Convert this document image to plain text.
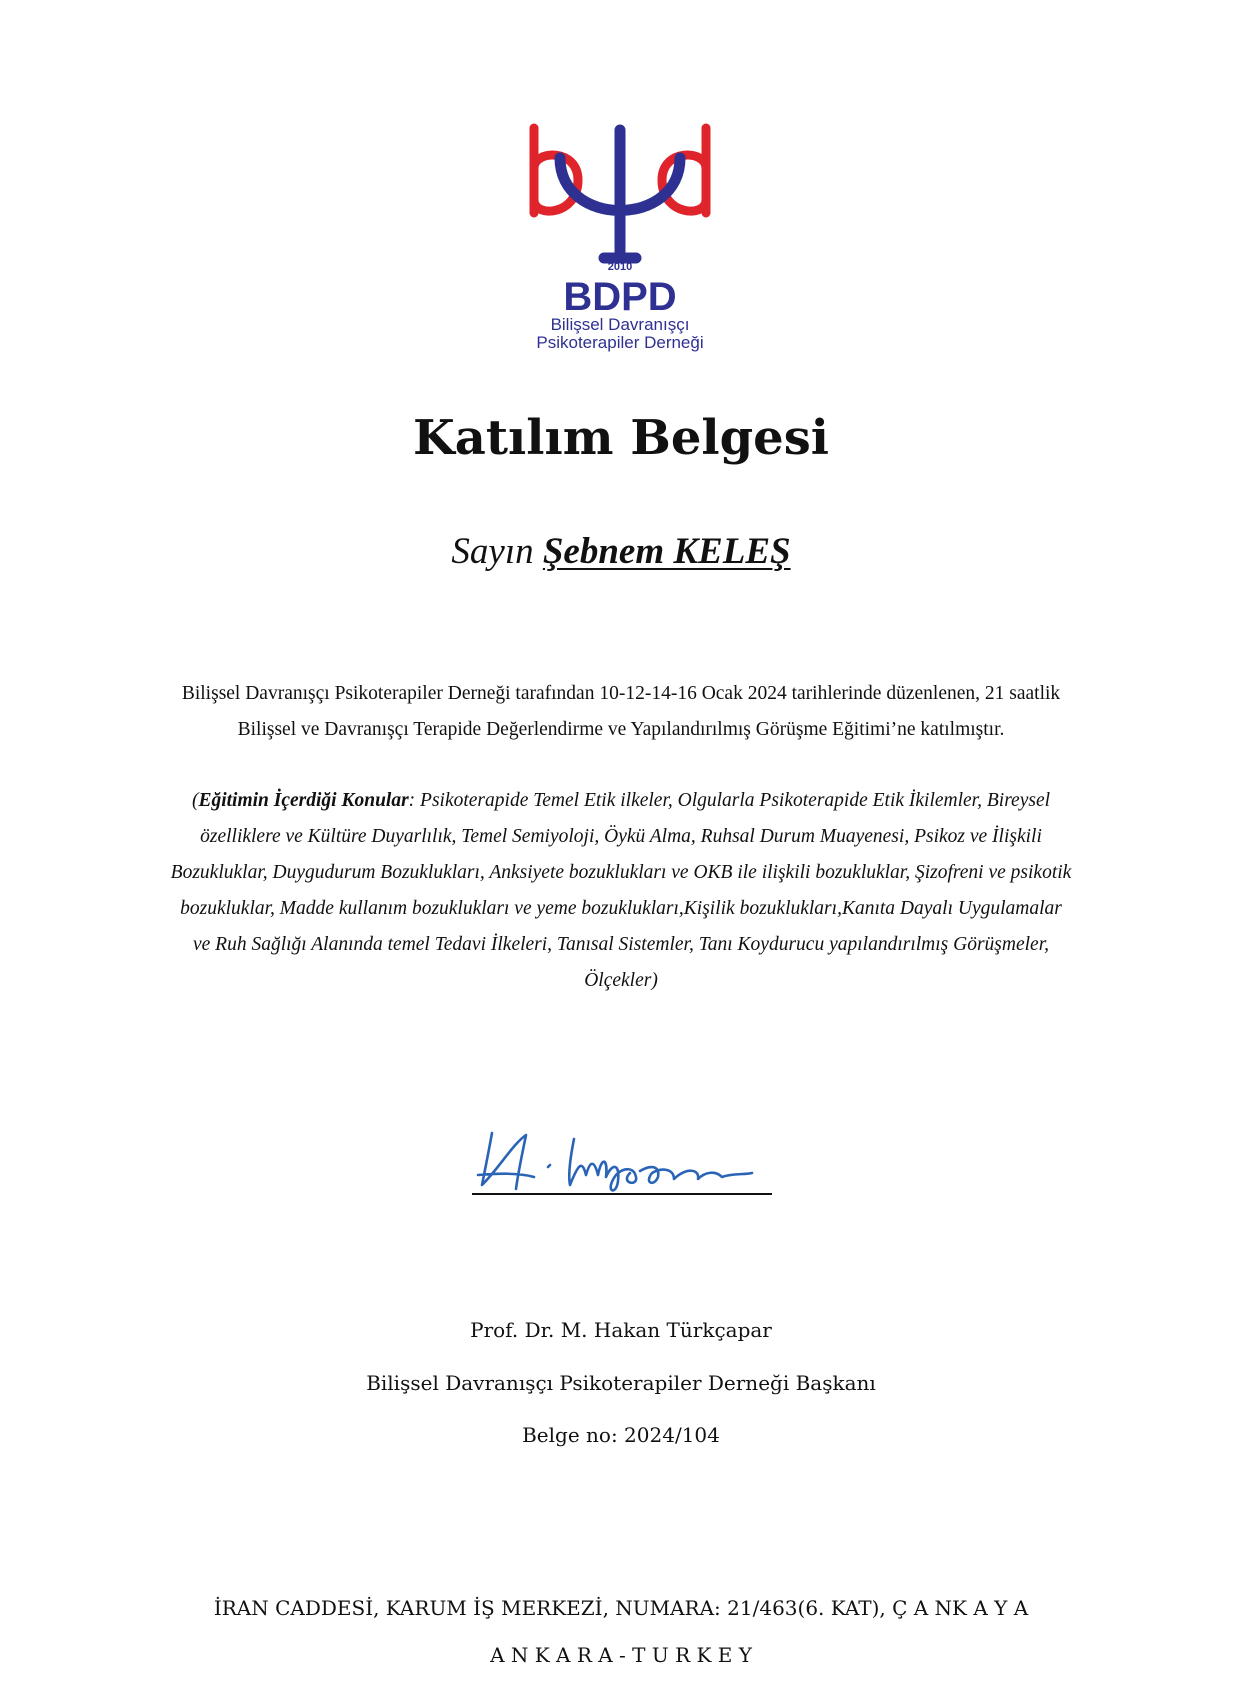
2010
BDPD
Bilişsel Davranışçı
Psikoterapiler Derneği
Katılım Belgesi
Sayın Şebnem KELEŞ

Bilişsel Davranışçı Psikoterapiler Derneği tarafından 10-12-14-16 Ocak 2024 tarihlerinde düzenlenen, 21 saatlik Bilişsel ve Davranışçı Terapide Değerlendirme ve Yapılandırılmış Görüşme Eğitimi’ne katılmıştır.

(Eğitimin İçerdiği Konular: Psikoterapide Temel Etik ilkeler, Olgularla Psikoterapide Etik İkilemler, Bireysel özelliklere ve Kültüre Duyarlılık, Temel Semiyoloji, Öykü Alma, Ruhsal Durum Muayenesi, Psikoz ve İlişkili Bozukluklar, Duygudurum Bozuklukları, Anksiyete bozuklukları ve OKB ile ilişkili bozukluklar, Şizofreni ve psikotik bozukluklar, Madde kullanım bozuklukları ve yeme bozuklukları,Kişilik bozuklukları,Kanıta Dayalı Uygulamalar ve Ruh Sağlığı Alanında temel Tedavi İlkeleri, Tanısal Sistemler, Tanı Koydurucu yapılandırılmış Görüşmeler, Ölçekler)

Prof. Dr. M. Hakan Türkçapar
Bilişsel Davranışçı Psikoterapiler Derneği Başkanı
Belge no: 2024/104
İRAN CADDESİ, KARUM İŞ MERKEZİ, NUMARA: 21/463(6. KAT), Ç A NK A Y A
A N K A R A - T U R K E Y
